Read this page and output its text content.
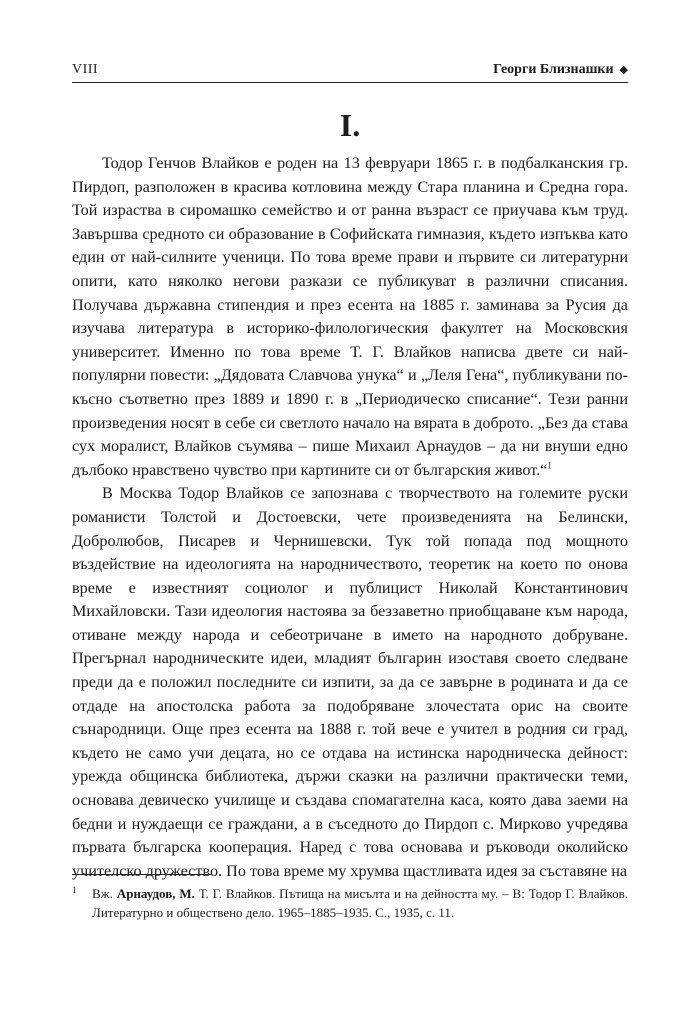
VIII	Георги Близнашки ◆
I.

Тодор Генчов Влайков е роден на 13 февруари 1865 г. в подбалканския гр. Пирдоп, разположен в красива котловина между Стара планина и Средна гора. Той израства в сиромашко семейство и от ранна възраст се приучава към труд. Завършва средното си образование в Софийската гимназия, където изпъква като един от най-силните ученици. По това време прави и първите си литературни опити, като няколко негови разкази се публикуват в различни списания. Получава държавна стипендия и през есента на 1885 г. заминава за Русия да изучава литература в историко-филологическия факултет на Московския университет. Именно по това време Т. Г. Влайков написва двете си най-популярни повести: „Дядовата Славчова унука“ и „Леля Гена“, публикувани по-късно съответно през 1889 и 1890 г. в „Периодическо списание“. Тези ранни произведения носят в себе си светлото начало на вярата в доброто. „Без да става сух моралист, Влайков съумява – пише Михаил Арнаудов – да ни внуши едно дълбоко нравствено чувство при картините си от българския живот.“$^1$

В Москва Тодор Влайков се запознава с творчеството на големите руски романисти Толстой и Достоевски, чете произведенията на Белински, Добролюбов, Писарев и Чернишевски. Тук той попада под мощното въздействие на идеологията на народничеството, теоретик на което по онова време е известният социолог и публицист Николай Константинович Михайловски. Тази идеология настоява за беззаветно приобщаване към народа, отиване между народа и себеотричане в името на народното добруване. Прегърнал народническите идеи, младият българин изоставя своето следване преди да е положил последните си изпити, за да се завърне в родината и да се отдаде на апостолска работа за подобряване злочестата орис на своите сънародници. Още през есента на 1888 г. той вече е учител в родния си град, където не само учи децата, но се отдава на истинска народническа дейност: урежда общинска библиотека, държи сказки на различни практически теми, основава девическо училище и създава спомагателна каса, която дава заеми на бедни и нуждаещи се граждани, а в съседното до Пирдоп с. Мирково учредява първата българска кооперация. Наред с това основава и ръководи околийско учителско дружество. По това време му хрумва щастливата идея за съставяне на

1 Вж. Арнаудов, М. Т. Г. Влайков. Пътища на мисълта и на дейността му. – В: Тодор Г. Влайков. Литературно и обществено дело. 1965–1885–1935. С., 1935, с. 11.
